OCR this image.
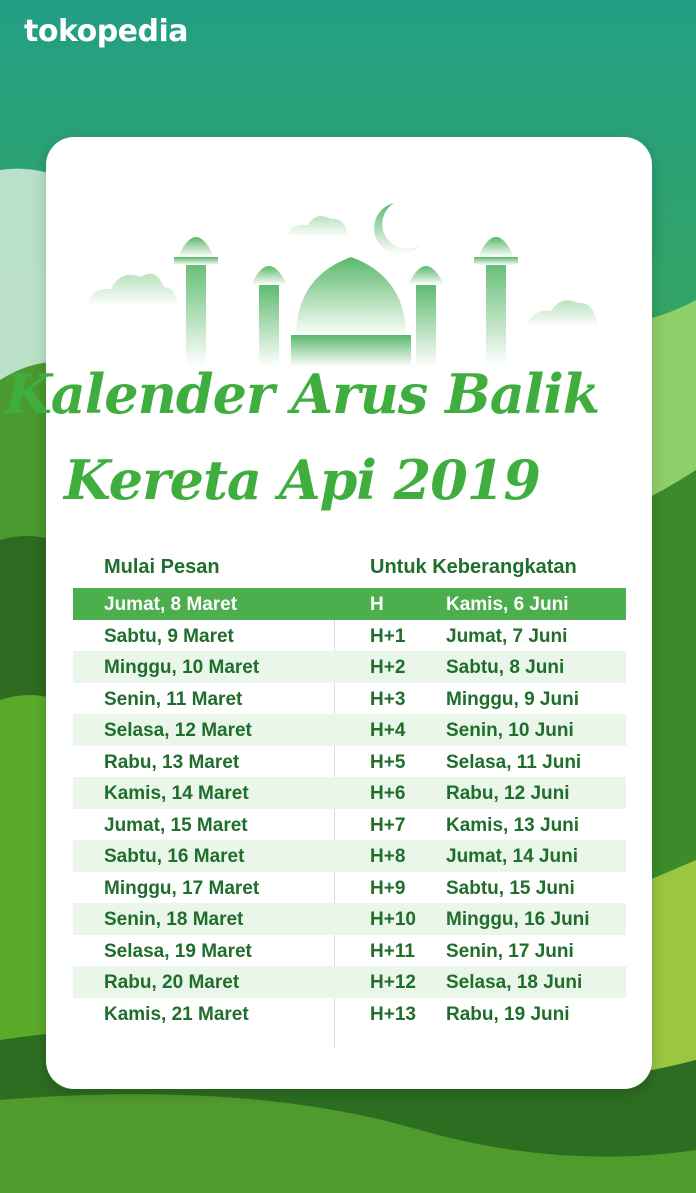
tokopedia
Mulai Pesan	Untuk Keberangkatan
Kalender Arus Balik
Kereta Api 2019
Jumat, 8 Maret	H	Kamis, 6 Juni
Sabtu, 9 Maret	H+1 Jumat, 7 Juni
Minggu, 10 Maret	H+2 Sabtu, 8 Juni
Senin, 11 Maret	H+3 Minggu, 9 Juni
Selasa, 12 Maret	H+4 Senin, 10 Juni
Rabu, 13 Maret	H+5 Selasa, 11 Juni
Kamis, 14 Maret	H+6 Rabu, 12 Juni
Jumat, 15 Maret	H+7 Kamis, 13 Juni
Sabtu, 16 Maret	H+8 Jumat, 14 Juni
Minggu, 17 Maret	H+9 Sabtu, 15 Juni
Senin, 18 Maret	H+10 Minggu, 16 Juni
Selasa, 19 Maret	H+11 Senin, 17 Juni
Rabu, 20 Maret	H+12 Selasa, 18 Juni
Kamis, 21 Maret	H+13 Rabu, 19 Juni
